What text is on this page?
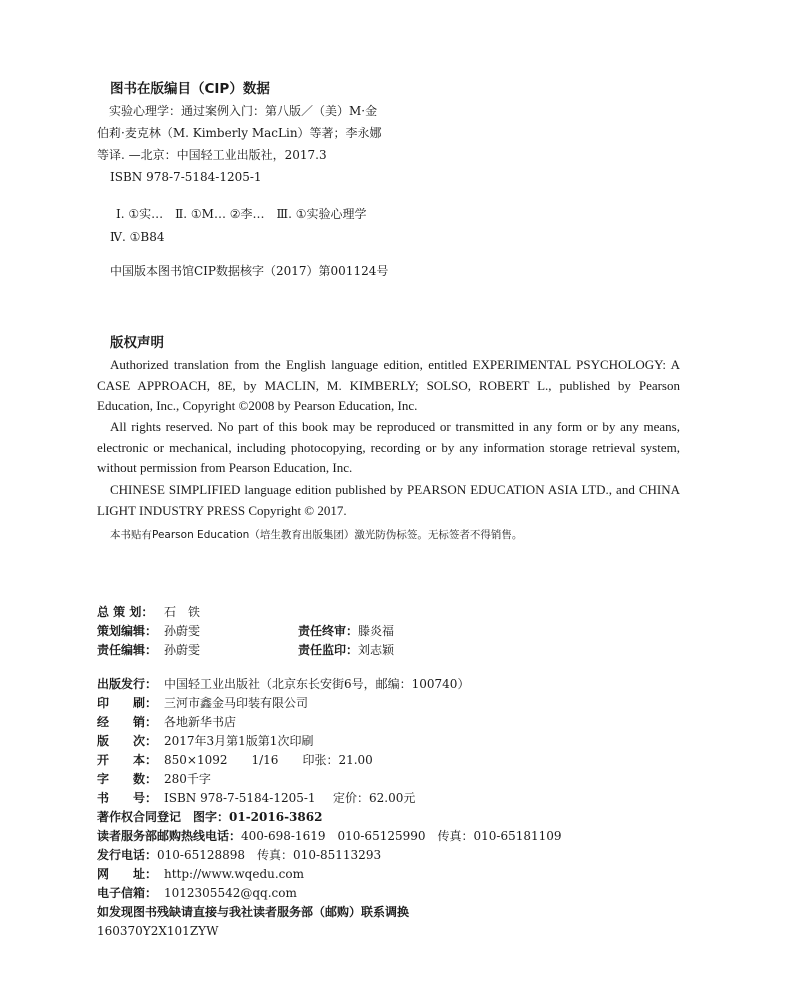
图书在版编目（CIP）数据
实验心理学：通过案例入门：第八版／（美）M·金
伯莉·麦克林（M. Kimberly MacLin）等著；李永娜
等译. —北京：中国轻工业出版社，2017.3
ISBN 978-7-5184-1205-1
Ⅰ. ①实…　Ⅱ. ①M… ②李…　Ⅲ. ①实验心理学
Ⅳ. ①B84
中国版本图书馆CIP数据核字（2017）第001124号
版权声明

Authorized translation from the English language edition, entitled EXPERIMENTAL PSYCHOLOGY: A CASE APPROACH, 8E, by MACLIN, M. KIMBERLY; SOLSO, ROBERT L., published by Pearson Education, Inc., Copyright ©2008 by Pearson Education, Inc.

All rights reserved. No part of this book may be reproduced or transmitted in any form or by any means, electronic or mechanical, including photocopying, recording or by any information storage retrieval system, without permission from Pearson Education, Inc.

CHINESE SIMPLIFIED language edition published by PEARSON EDUCATION ASIA LTD., and CHINA LIGHT INDUSTRY PRESS Copyright © 2017.

本书贴有Pearson Education（培生教育出版集团）激光防伪标签。无标签者不得销售。
总 策 划： 石　铁
策划编辑： 孙蔚雯	责任终审：滕炎福
责任编辑： 孙蔚雯	责任监印：刘志颖
出版发行： 中国轻工业出版社（北京东长安街6号，邮编：100740）
印　　刷： 三河市鑫金马印装有限公司
经　　销： 各地新华书店
版　　次： 2017年3月第1版第1次印刷
开　　本： 850×1092　　1/16　　印张：21.00
字　　数： 280千字
书　　号： ISBN 978-7-5184-1205-1 定价：62.00元
著作权合同登记　图字：01-2016-3862
读者服务部邮购热线电话：400-698-1619　010-65125990　传真：010-65181109
发行电话：010-65128898　传真：010-85113293
网　　址： http://www.wqedu.com
电子信箱： 1012305542@qq.com
如发现图书残缺请直接与我社读者服务部（邮购）联系调换
160370Y2X101ZYW
